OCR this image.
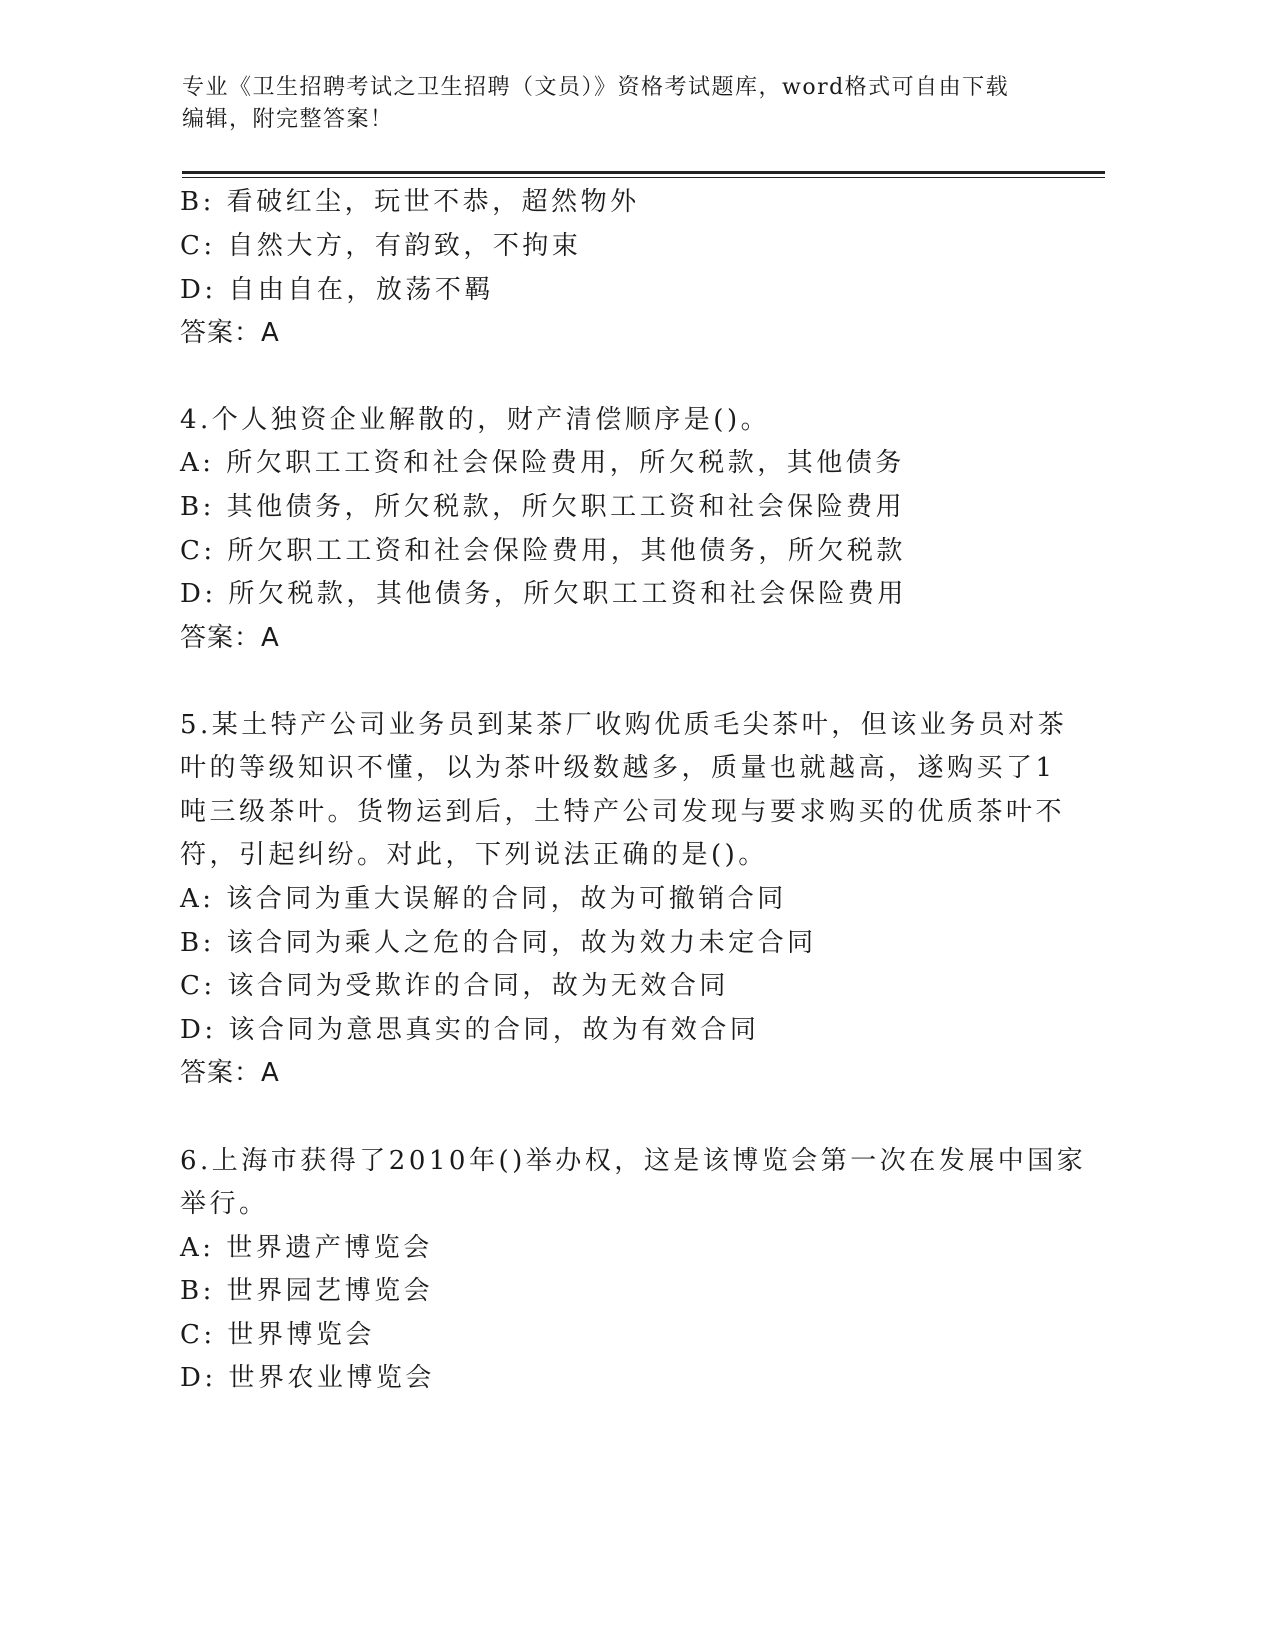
专业《卫生招聘考试之卫生招聘（文员）》资格考试题库，word格式可自由下载
编辑，附完整答案！
B: 看破红尘，玩世不恭，超然物外
C: 自然大方，有韵致，不拘束
D: 自由自在，放荡不羁
答案：A
4.个人独资企业解散的，财产清偿顺序是()。
A: 所欠职工工资和社会保险费用，所欠税款，其他债务
B: 其他债务，所欠税款，所欠职工工资和社会保险费用
C: 所欠职工工资和社会保险费用，其他债务，所欠税款
D: 所欠税款，其他债务，所欠职工工资和社会保险费用
答案：A
5.某土特产公司业务员到某茶厂收购优质毛尖茶叶，但该业务员对茶
叶的等级知识不懂，以为茶叶级数越多，质量也就越高，遂购买了1
吨三级茶叶。货物运到后，土特产公司发现与要求购买的优质茶叶不
符，引起纠纷。对此，下列说法正确的是()。
A: 该合同为重大误解的合同，故为可撤销合同
B: 该合同为乘人之危的合同，故为效力未定合同
C: 该合同为受欺诈的合同，故为无效合同
D: 该合同为意思真实的合同，故为有效合同
答案：A
6.上海市获得了2010年()举办权，这是该博览会第一次在发展中国家
举行。
A: 世界遗产博览会
B: 世界园艺博览会
C: 世界博览会
D: 世界农业博览会
